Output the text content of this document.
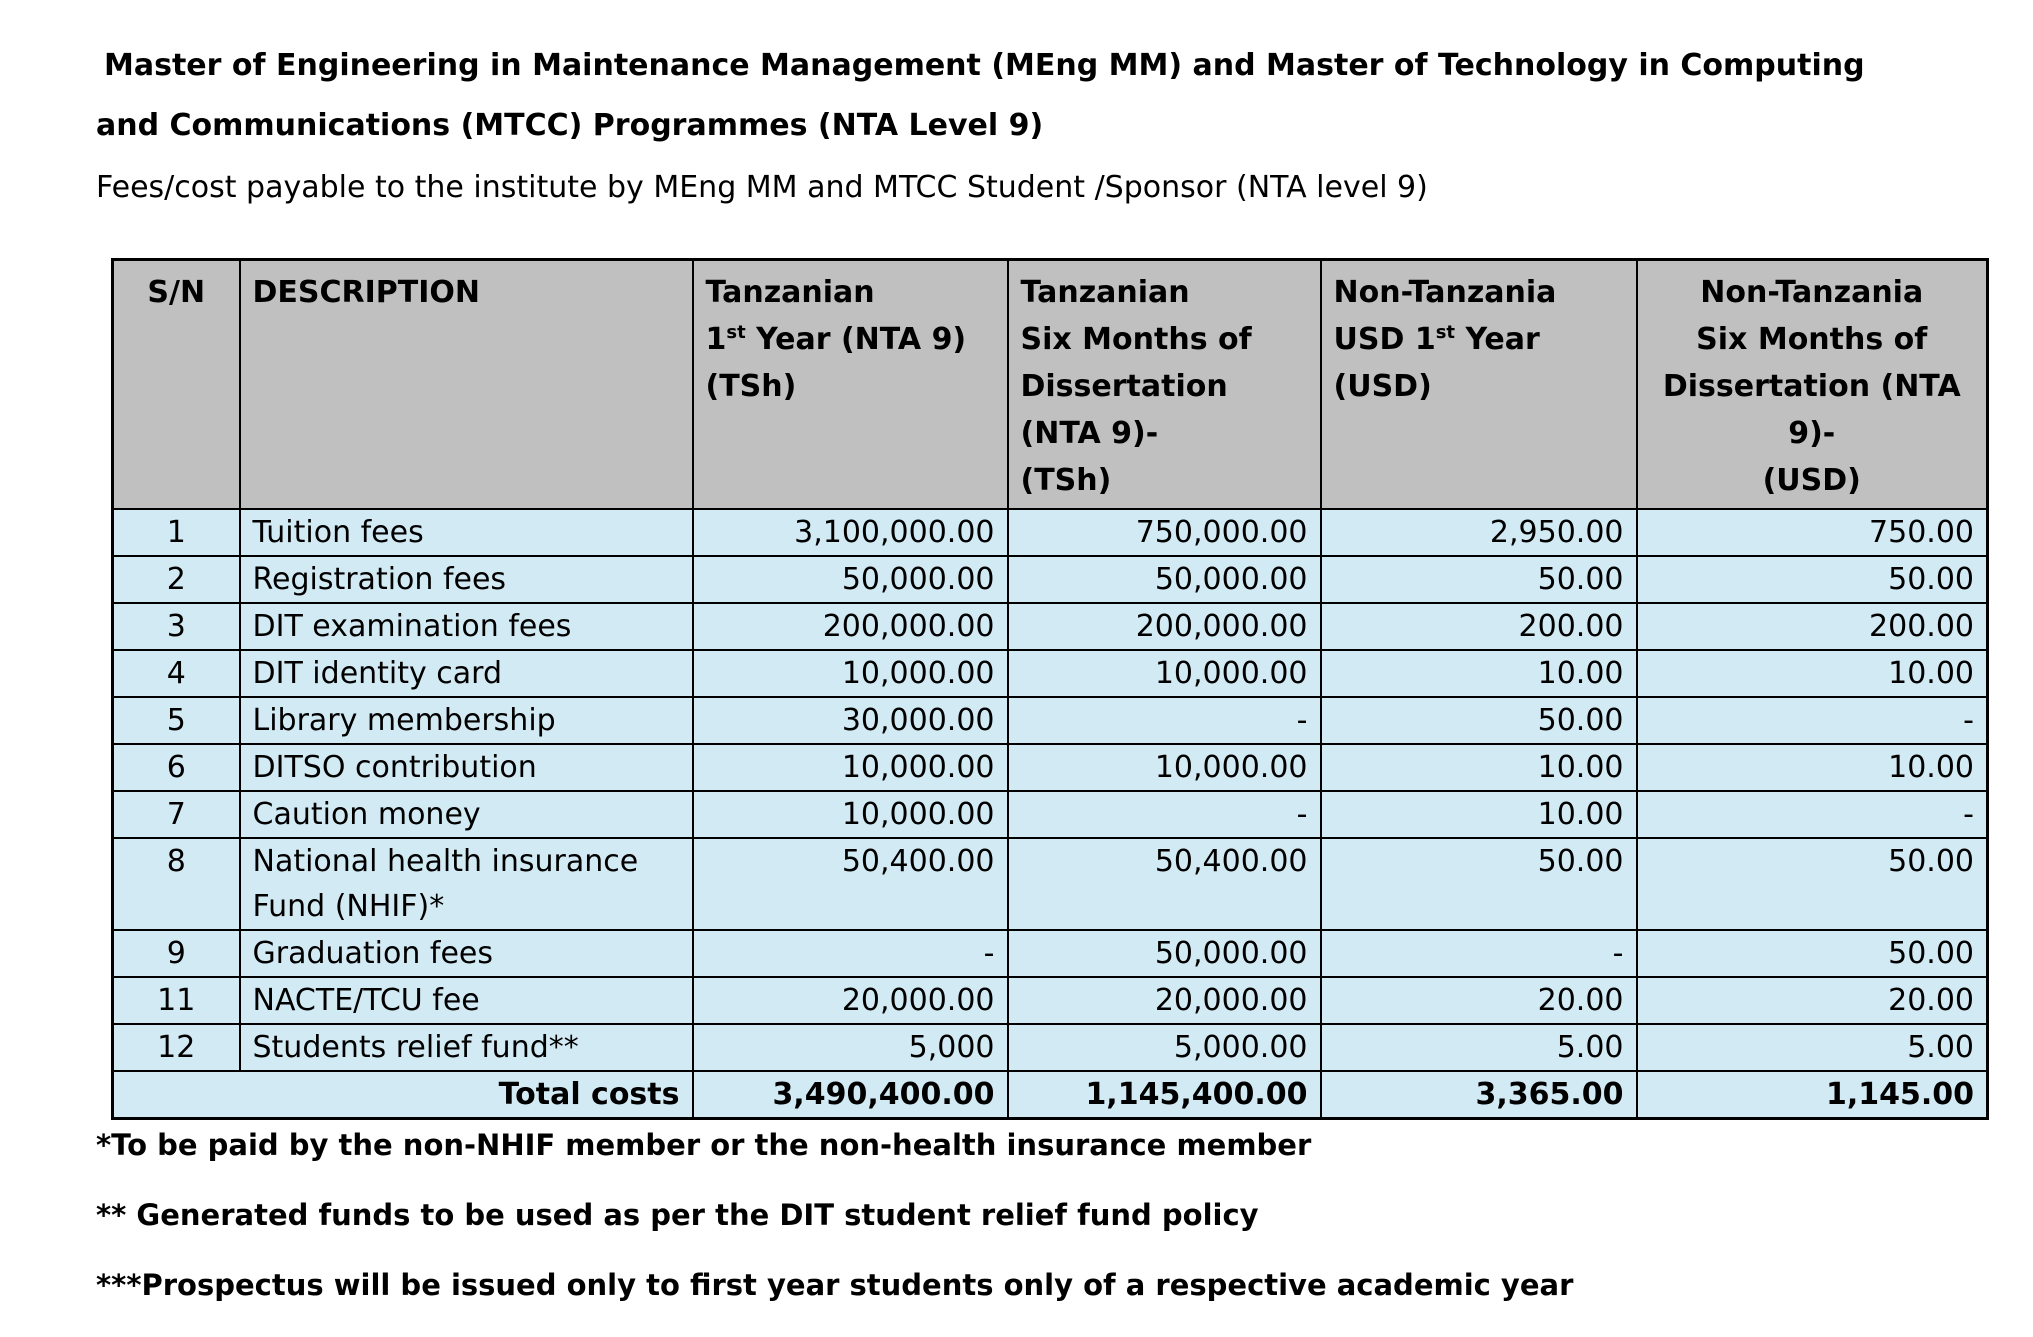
Master of Engineering in Maintenance Management (MEng MM) and Master of Technology in Computing
and Communications (MTCC) Programmes (NTA Level 9)
Fees/cost payable to the institute by MEng MM and MTCC Student /Sponsor (NTA level 9)
S/N	DESCRIPTION	Tanzanian
1st Year (NTA 9)
(TSh)	Tanzanian
Six Months of
Dissertation
(NTA 9)-
(TSh)	Non-Tanzania
USD 1st Year
(USD)	Non-Tanzania
Six Months of
Dissertation (NTA
9)-
(USD)

1	Tuition fees	3,100,000.00	750,000.00	2,950.00	750.00
2	Registration fees	50,000.00	50,000.00	50.00	50.00
3	DIT examination fees	200,000.00	200,000.00	200.00	200.00
4	DIT identity card	10,000.00	10,000.00	10.00	10.00
5	Library membership	30,000.00	-	50.00	-
6	DITSO contribution	10,000.00	10,000.00	10.00	10.00
7	Caution money	10,000.00	-	10.00	-
8	National health insurance
Fund (NHIF)*	50,400.00	50,400.00	50.00	50.00
9	Graduation fees	-	50,000.00	-	50.00
11	NACTE/TCU fee	20,000.00	20,000.00	20.00	20.00
12	Students relief fund**	5,000	5,000.00	5.00	5.00
Total costs		3,490,400.00	1,145,400.00	3,365.00	1,145.00
*To be paid by the non-NHIF member or the non-health insurance member
** Generated funds to be used as per the DIT student relief fund policy
***Prospectus will be issued only to first year students only of a respective academic year
